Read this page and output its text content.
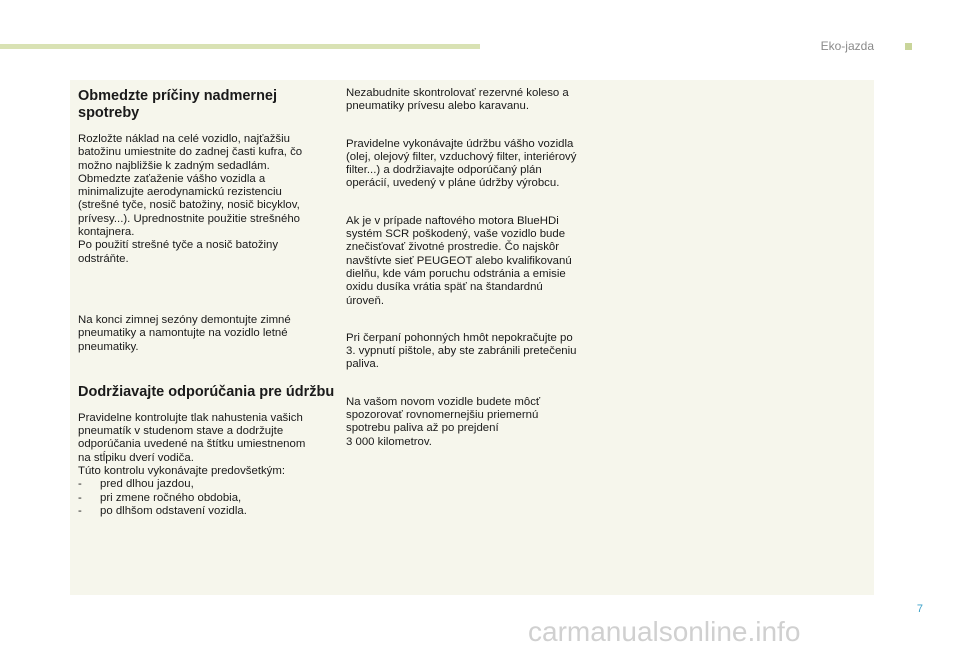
Eko-jazda
Obmedzte príčiny nadmernej spotreby

Rozložte náklad na celé vozidlo, najťažšiu
batožinu umiestnite do zadnej časti kufra, čo
možno najbližšie k zadným sedadlám.
Obmedzte zaťaženie vášho vozidla a
minimalizujte aerodynamickú rezistenciu
(strešné tyče, nosič batožiny, nosič bicyklov,
prívesy...). Uprednostnite použitie strešného
kontajnera.
Po použití strešné tyče a nosič batožiny
odstráňte.

Na konci zimnej sezóny demontujte zimné
pneumatiky a namontujte na vozidlo letné
pneumatiky.

Dodržiavajte odporúčania pre údržbu

Pravidelne kontrolujte tlak nahustenia vašich
pneumatík v studenom stave a dodržujte
odporúčania uvedené na štítku umiestnenom
na stĺpiku dverí vodiča.
Túto kontrolu vykonávajte predovšetkým:

- pred dlhou jazdou,
- pri zmene ročného obdobia,
- po dlhšom odstavení vozidla.

Nezabudnite skontrolovať rezervné koleso a
pneumatiky prívesu alebo karavanu.

Pravidelne vykonávajte údržbu vášho vozidla
(olej, olejový filter, vzduchový filter, interiérový
filter...) a dodržiavajte odporúčaný plán
operácií, uvedený v pláne údržby výrobcu.

Ak je v prípade naftového motora BlueHDi
systém SCR poškodený, vaše vozidlo bude
znečisťovať životné prostredie. Čo najskôr
navštívte sieť PEUGEOT alebo kvalifikovanú
dielňu, kde vám poruchu odstránia a emisie
oxidu dusíka vrátia späť na štandardnú
úroveň.

Pri čerpaní pohonných hmôt nepokračujte po
3. vypnutí pištole, aby ste zabránili pretečeniu
paliva.

Na vašom novom vozidle budete môcť
spozorovať rovnomernejšiu priemernú
spotrebu paliva až po prejdení
3 000 kilometrov.

7
carmanualsonline.info
